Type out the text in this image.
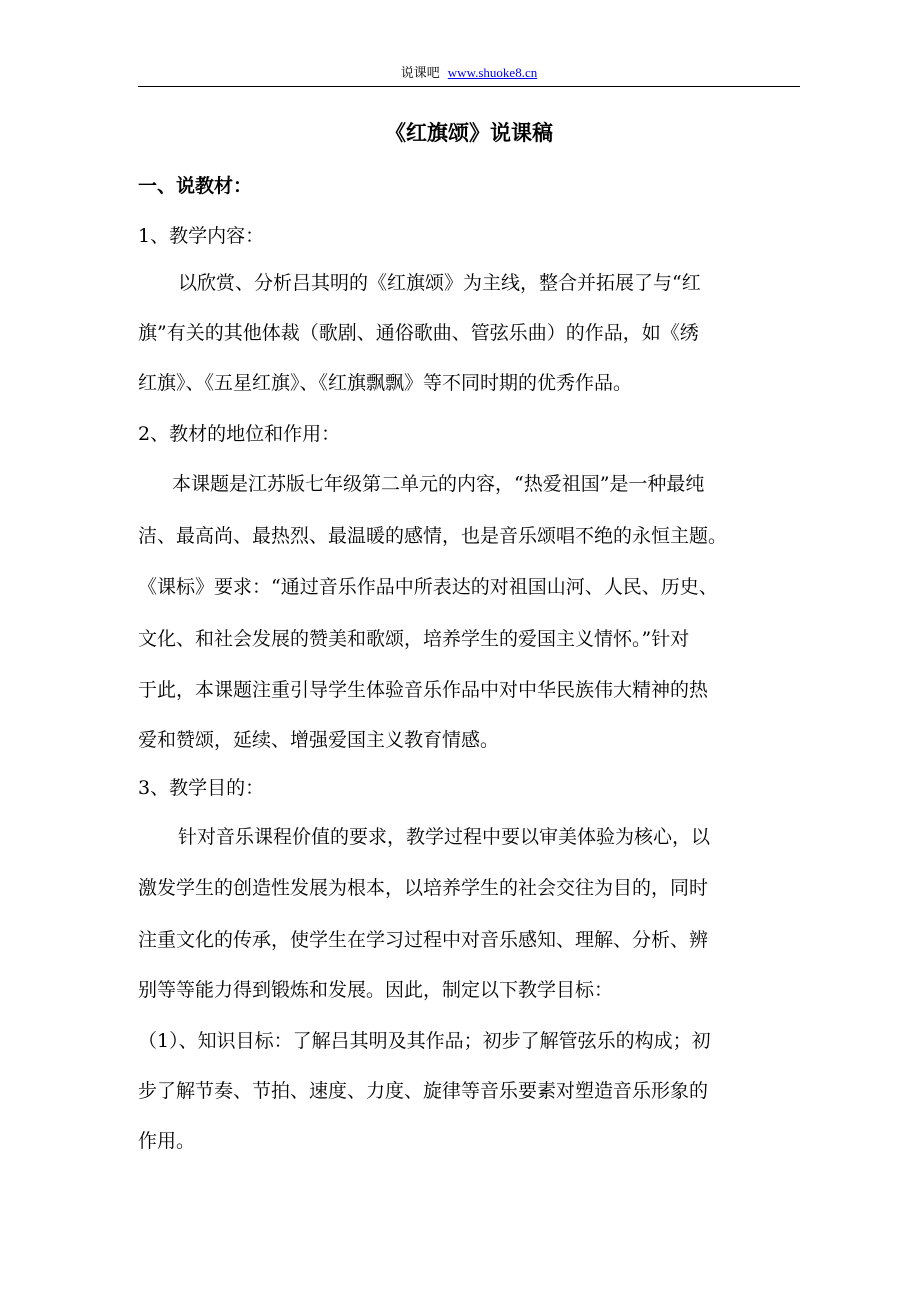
说课吧 www.shuoke8.cn
《红旗颂》说课稿
一、说教材：
1、教学内容：
以欣赏、分析吕其明的《红旗颂》为主线，整合并拓展了与“红
旗”有关的其他体裁（歌剧、通俗歌曲、管弦乐曲）的作品，如《绣
红旗》、《五星红旗》、《红旗飘飘》等不同时期的优秀作品。
2、教材的地位和作用：
本课题是江苏版七年级第二单元的内容，“热爱祖国”是一种最纯
洁、最高尚、最热烈、最温暖的感情，也是音乐颂唱不绝的永恒主题。
《课标》要求：“通过音乐作品中所表达的对祖国山河、人民、历史、
文化、和社会发展的赞美和歌颂，培养学生的爱国主义情怀。”针对
于此，本课题注重引导学生体验音乐作品中对中华民族伟大精神的热
爱和赞颂，延续、增强爱国主义教育情感。
3、教学目的：
针对音乐课程价值的要求，教学过程中要以审美体验为核心，以
激发学生的创造性发展为根本，以培养学生的社会交往为目的，同时
注重文化的传承，使学生在学习过程中对音乐感知、理解、分析、辨
别等等能力得到锻炼和发展。因此，制定以下教学目标：
（1）、知识目标：了解吕其明及其作品；初步了解管弦乐的构成；初
步了解节奏、节拍、速度、力度、旋律等音乐要素对塑造音乐形象的
作用。
